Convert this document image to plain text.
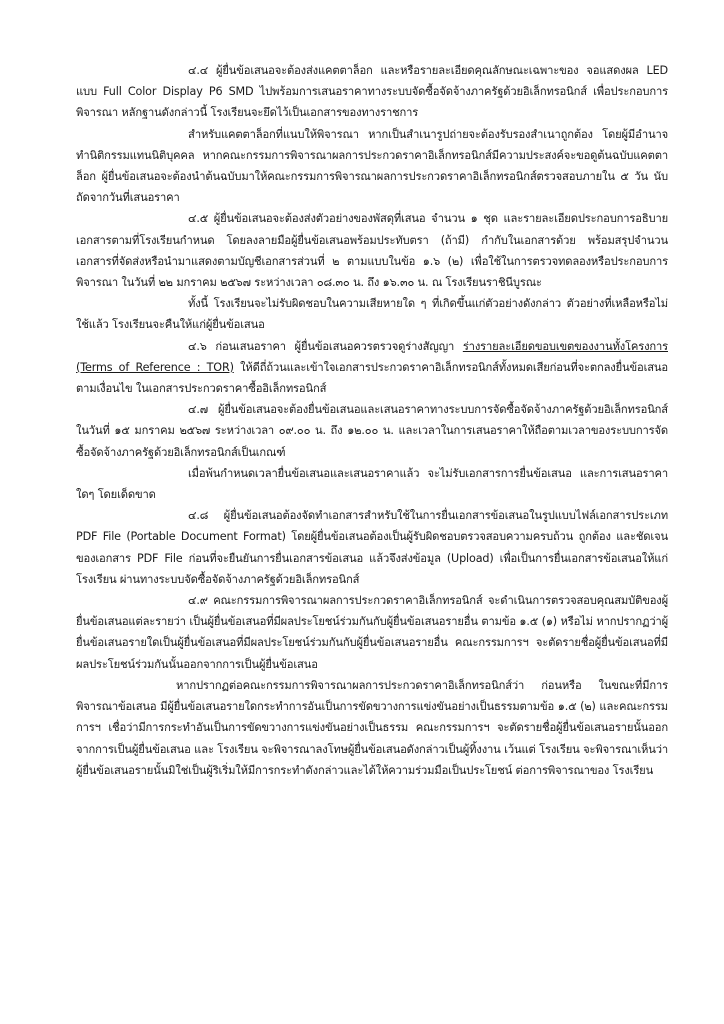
๔.๔ ผู้ยื่นข้อเสนอจะต้องส่งแคตตาล็อก และหรือรายละเอียดคุณลักษณะเฉพาะของ จอแสดงผล LED แบบ Full Color Display P6 SMD ไปพร้อมการเสนอราคาทางระบบจัดซื้อจัดจ้างภาครัฐด้วยอิเล็กทรอนิกส์ เพื่อประกอบการพิจารณา หลักฐานดังกล่าวนี้ โรงเรียนจะยึดไว้เป็นเอกสารของทางราชการ

สำหรับแคตตาล็อกที่แนบให้พิจารณา หากเป็นสำเนารูปถ่ายจะต้องรับรองสำเนาถูกต้อง โดยผู้มีอำนาจทำนิติกรรมแทนนิติบุคคล หากคณะกรรมการพิจารณาผลการประกวดราคาอิเล็กทรอนิกส์มีความประสงค์จะขอดูต้นฉบับแคตตาล็อก ผู้ยื่นข้อเสนอจะต้องนำต้นฉบับมาให้คณะกรรมการพิจารณาผลการประกวดราคาอิเล็กทรอนิกส์ตรวจสอบภายใน ๕ วัน นับถัดจากวันที่เสนอราคา

๔.๕ ผู้ยื่นข้อเสนอจะต้องส่งตัวอย่างของพัสดุที่เสนอ จำนวน ๑ ชุด และรายละเอียดประกอบการอธิบายเอกสารตามที่โรงเรียนกำหนด โดยลงลายมือผู้ยื่นข้อเสนอพร้อมประทับตรา (ถ้ามี) กำกับในเอกสารด้วย พร้อมสรุปจำนวนเอกสารที่จัดส่งหรือนำมาแสดงตามบัญชีเอกสารส่วนที่ ๒ ตามแบบในข้อ ๑.๖ (๒) เพื่อใช้ในการตรวจทดลองหรือประกอบการพิจารณา ในวันที่ ๒๒ มกราคม ๒๕๖๗ ระหว่างเวลา ๐๘.๓๐ น. ถึง ๑๖.๓๐ น. ณ โรงเรียนราชินีบูรณะ

ทั้งนี้ โรงเรียนจะไม่รับผิดชอบในความเสียหายใด ๆ ที่เกิดขึ้นแก่ตัวอย่างดังกล่าว ตัวอย่างที่เหลือหรือไม่ใช้แล้ว โรงเรียนจะคืนให้แก่ผู้ยื่นข้อเสนอ

๔.๖ ก่อนเสนอราคา ผู้ยื่นข้อเสนอควรตรวจดูร่างสัญญา ร่างรายละเอียดขอบเขตของงานทั้งโครงการ (Terms of Reference : TOR) ให้ดีถี่ถ้วนและเข้าใจเอกสารประกวดราคาอิเล็กทรอนิกส์ทั้งหมดเสียก่อนที่จะตกลงยื่นข้อเสนอตามเงื่อนไข ในเอกสารประกวดราคาซื้ออิเล็กทรอนิกส์

๔.๗ ผู้ยื่นข้อเสนอจะต้องยื่นข้อเสนอและเสนอราคาทางระบบการจัดซื้อจัดจ้างภาครัฐด้วยอิเล็กทรอนิกส์ในวันที่ ๑๕ มกราคม ๒๕๖๗ ระหว่างเวลา ๐๙.๐๐ น. ถึง ๑๒.๐๐ น. และเวลาในการเสนอราคาให้ถือตามเวลาของระบบการจัดซื้อจัดจ้างภาครัฐด้วยอิเล็กทรอนิกส์เป็นเกณฑ์

เมื่อพ้นกำหนดเวลายื่นข้อเสนอและเสนอราคาแล้ว จะไม่รับเอกสารการยื่นข้อเสนอ และการเสนอราคาใดๆ โดยเด็ดขาด

๔.๘ ผู้ยื่นข้อเสนอต้องจัดทำเอกสารสำหรับใช้ในการยื่นเอกสารข้อเสนอในรูปแบบไฟล์เอกสารประเภท PDF File (Portable Document Format) โดยผู้ยื่นข้อเสนอต้องเป็นผู้รับผิดชอบตรวจสอบความครบถ้วน ถูกต้อง และชัดเจนของเอกสาร PDF File ก่อนที่จะยืนยันการยื่นเอกสารข้อเสนอ แล้วจึงส่งข้อมูล (Upload) เพื่อเป็นการยื่นเอกสารข้อเสนอให้แก่ โรงเรียน ผ่านทางระบบจัดซื้อจัดจ้างภาครัฐด้วยอิเล็กทรอนิกส์

๔.๙ คณะกรรมการพิจารณาผลการประกวดราคาอิเล็กทรอนิกส์ จะดำเนินการตรวจสอบคุณสมบัติของผู้ยื่นข้อเสนอแต่ละรายว่า เป็นผู้ยื่นข้อเสนอที่มีผลประโยชน์ร่วมกันกับผู้ยื่นข้อเสนอรายอื่น ตามข้อ ๑.๕ (๑) หรือไม่ หากปรากฏว่าผู้ยื่นข้อเสนอรายใดเป็นผู้ยื่นข้อเสนอที่มีผลประโยชน์ร่วมกันกับผู้ยื่นข้อเสนอรายอื่น คณะกรรมการฯ จะตัดรายชื่อผู้ยื่นข้อเสนอที่มีผลประโยชน์ร่วมกันนั้นออกจากการเป็นผู้ยื่นข้อเสนอ

หากปรากฏต่อคณะกรรมการพิจารณาผลการประกวดราคาอิเล็กทรอนิกส์ว่า ก่อนหรือ ในขณะที่มีการพิจารณาข้อเสนอ มีผู้ยื่นข้อเสนอรายใดกระทำการอันเป็นการขัดขวางการแข่งขันอย่างเป็นธรรมตามข้อ ๑.๕ (๒) และคณะกรรมการฯ เชื่อว่ามีการกระทำอันเป็นการขัดขวางการแข่งขันอย่างเป็นธรรม คณะกรรมการฯ จะตัดรายชื่อผู้ยื่นข้อเสนอรายนั้นออกจากการเป็นผู้ยื่นข้อเสนอ และ โรงเรียน จะพิจารณาลงโทษผู้ยื่นข้อเสนอดังกล่าวเป็นผู้ทิ้งงาน เว้นแต่ โรงเรียน จะพิจารณาเห็นว่า ผู้ยื่นข้อเสนอรายนั้นมิใช่เป็นผู้ริเริ่มให้มีการกระทำดังกล่าวและได้ให้ความร่วมมือเป็นประโยชน์ ต่อการพิจารณาของ โรงเรียน
